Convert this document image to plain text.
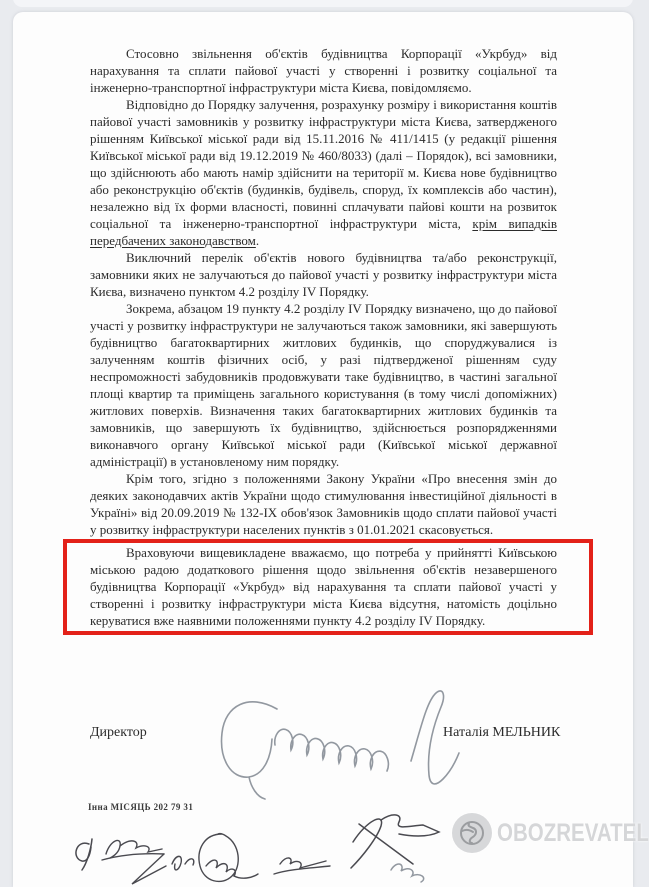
Стосовно звільнення об'єктів будівництва Корпорації «Укрбуд» від нарахування та сплати пайової участі у створенні і розвитку соціальної та інженерно-транспортної інфраструктури міста Києва, повідомляємо.
Відповідно до Порядку залучення, розрахунку розміру і використання коштів пайової участі замовників у розвитку інфраструктури міста Києва, затвердженого рішенням Київської міської ради від 15.11.2016 № 411/1415 (у редакції рішення Київської міської ради від 19.12.2019 № 460/8033) (далі – Порядок), всі замовники, що здійснюють або мають намір здійснити на території м. Києва нове будівництво або реконструкцію об'єктів (будинків, будівель, споруд, їх комплексів або частин), незалежно від їх форми власності, повинні сплачувати пайові кошти на розвиток соціальної та інженерно-транспортної інфраструктури міста, крім випадків передбачених законодавством.
Виключний перелік об'єктів нового будівництва та/або реконструкції, замовники яких не залучаються до пайової участі у розвитку інфраструктури міста Києва, визначено пунктом 4.2 розділу IV Порядку.
Зокрема, абзацом 19 пункту 4.2 розділу IV Порядку визначено, що до пайової участі у розвитку інфраструктури не залучаються також замовники, які завершують будівництво багатоквартирних житлових будинків, що споруджувалися із залученням коштів фізичних осіб, у разі підтвердженої рішенням суду неспроможності забудовників продовжувати таке будівництво, в частині загальної площі квартир та приміщень загального користування (в тому числі допоміжних) житлових поверхів. Визначення таких багатоквартирних житлових будинків та замовників, що завершують їх будівництво, здійснюється розпорядженнями виконавчого органу Київської міської ради (Київської міської державної адміністрації) в установленому ним порядку.
Крім того, згідно з положеннями Закону України «Про внесення змін до деяких законодавчих актів України щодо стимулювання інвестиційної діяльності в Україні» від 20.09.2019 № 132-ІХ обов'язок Замовників щодо сплати пайової участі у розвитку інфраструктури населених пунктів з 01.01.2021 скасовується.
Враховуючи вищевикладене вважаємо, що потреба у прийнятті Київською міською радою додаткового рішення щодо звільнення об'єктів незавершеного будівництва Корпорації «Укрбуд» від нарахування та сплати пайової участі у створенні і розвитку інфраструктури міста Києва відсутня, натомість доцільно керуватися вже наявними положеннями пункту 4.2 розділу IV Порядку.
Директор	Наталія МЕЛЬНИК
Інна МІСЯЦЬ 202 79 31
OBOZREVATEL
